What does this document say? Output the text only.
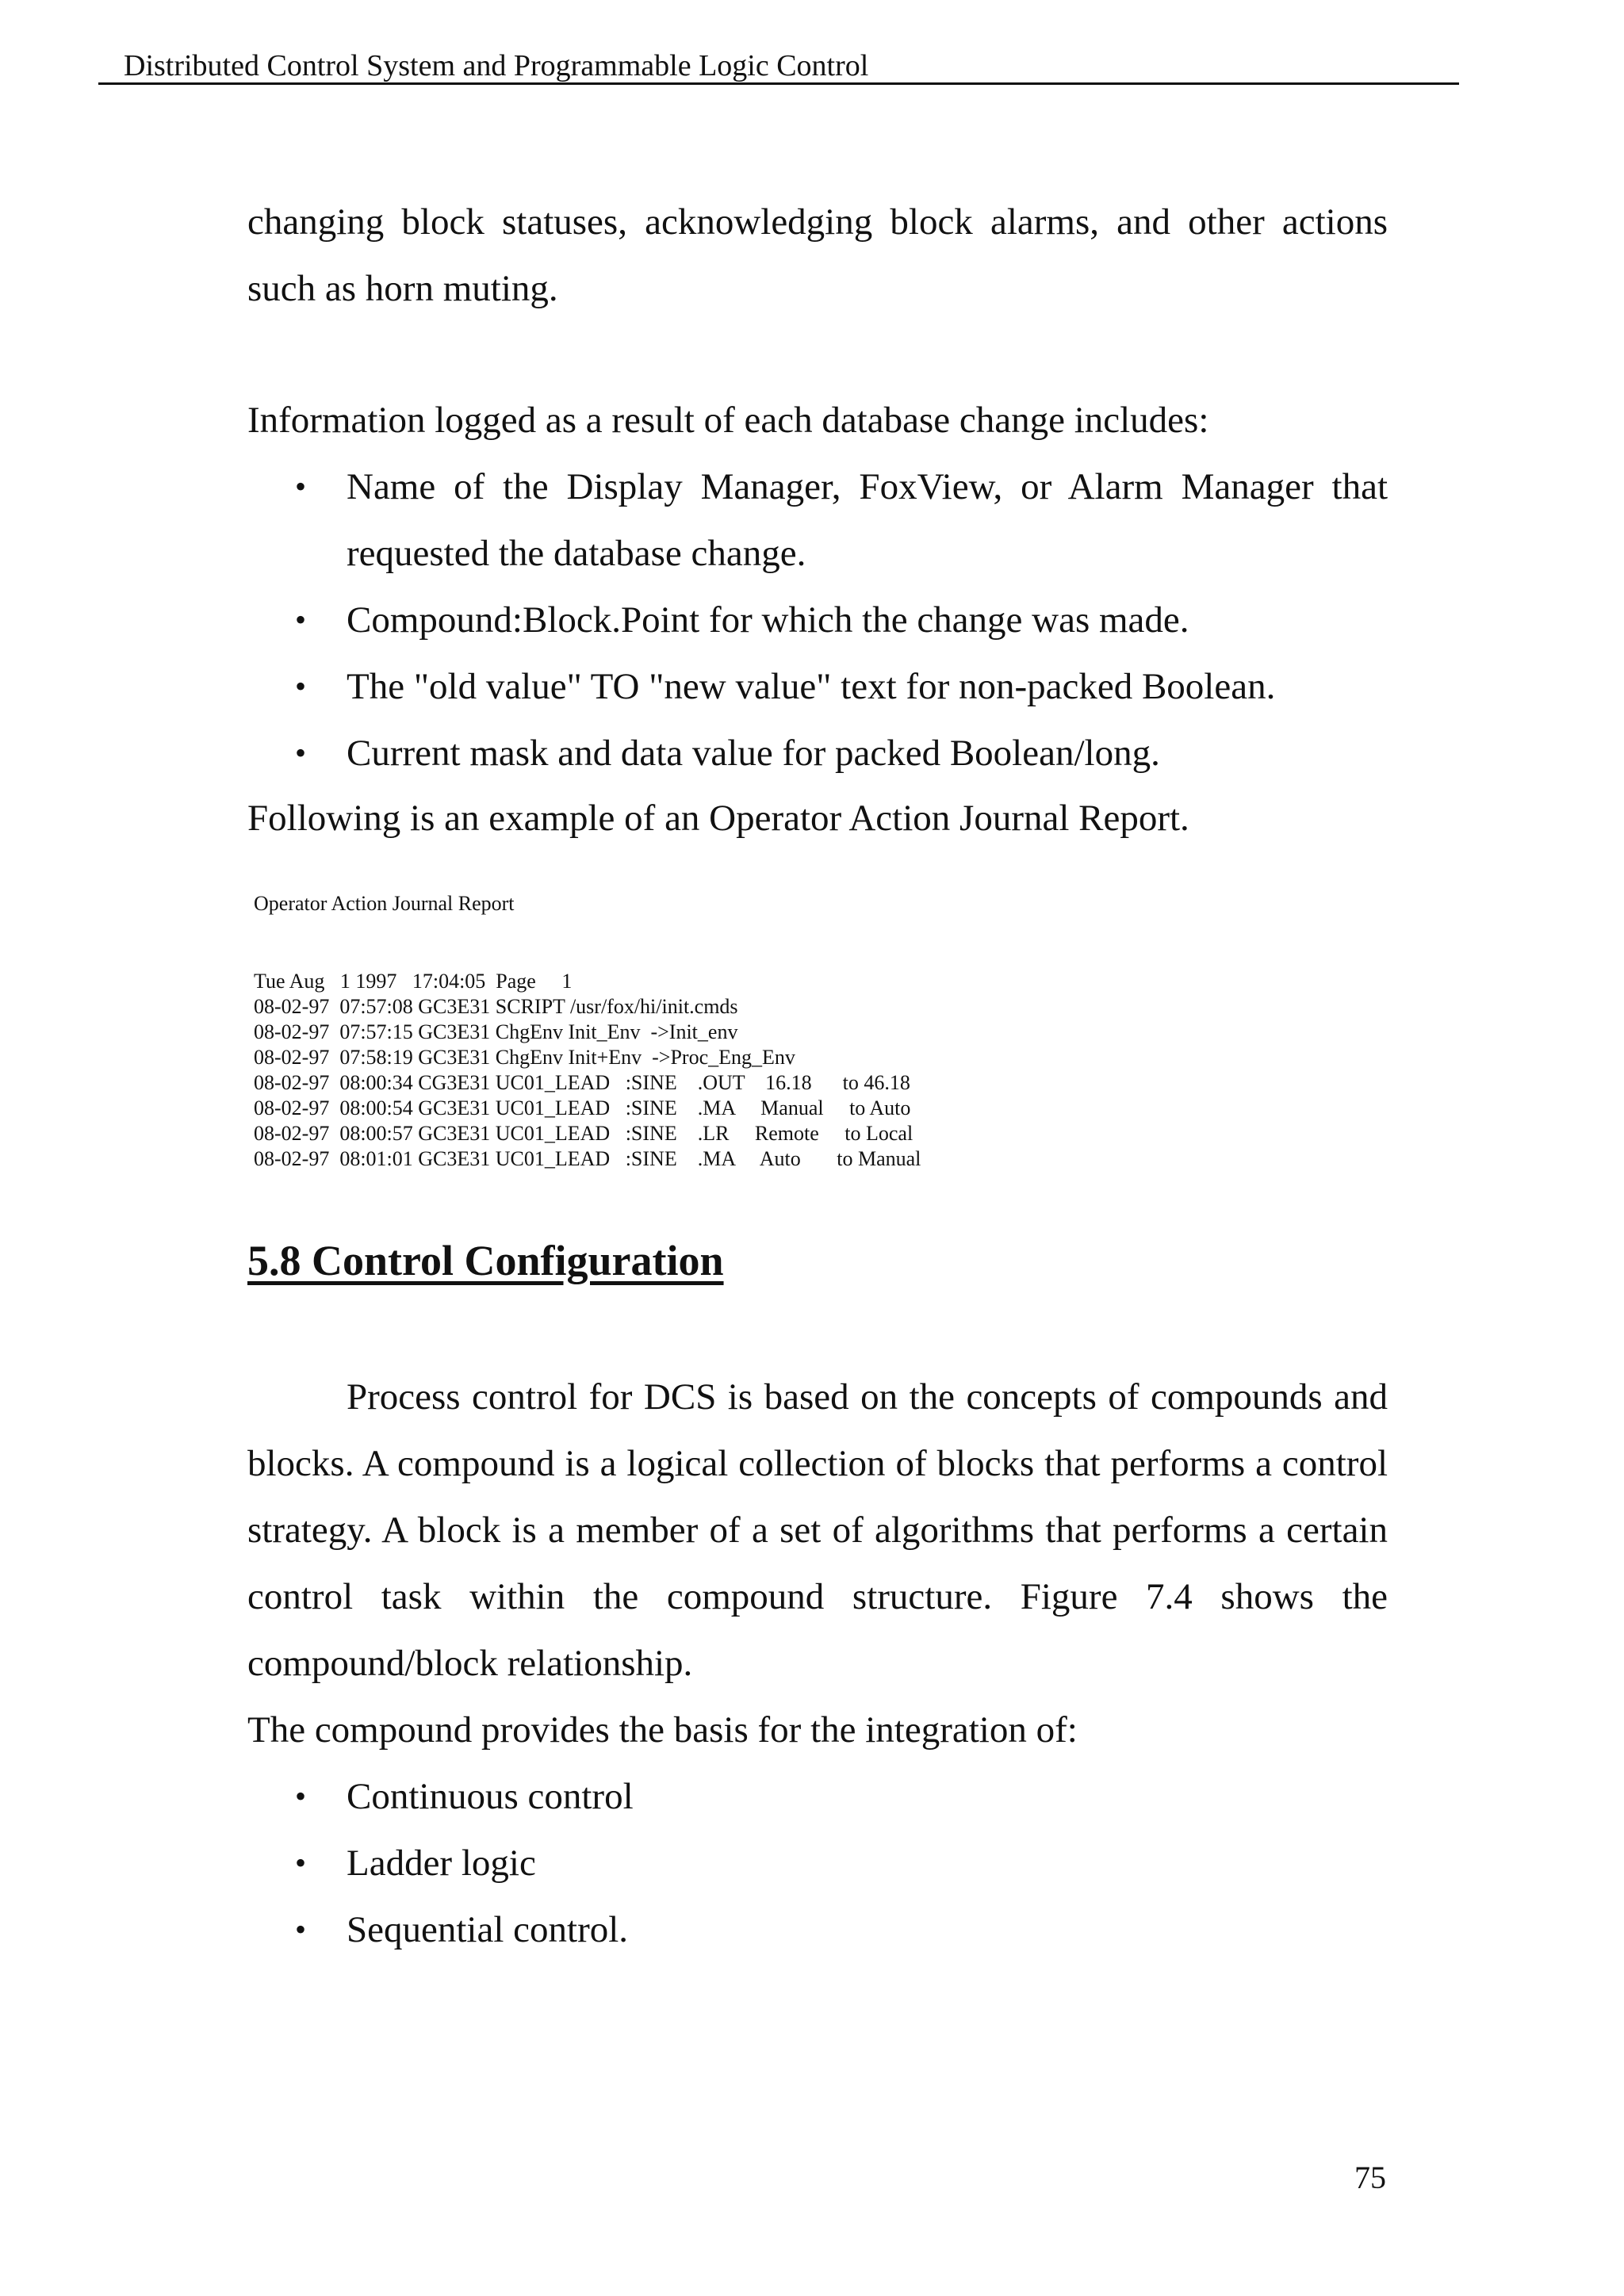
Distributed Control System and Programmable Logic Control

changing block statuses, acknowledging block alarms, and other actions such as horn muting.

Information logged as a result of each database change includes:

• Name of the Display Manager, FoxView, or Alarm Manager that requested the database change.
• Compound:Block.Point for which the change was made.
• The "old value" TO "new value" text for non-packed Boolean.
• Current mask and data value for packed Boolean/long.

Following is an example of an Operator Action Journal Report.

Operator Action Journal Report
Tue Aug   1 1997   17:04:05  Page     1
08-02-97  07:57:08 GC3E31 SCRIPT /usr/fox/hi/init.cmds
08-02-97  07:57:15 GC3E31 ChgEnv Init_Env  ->Init_env
08-02-97  07:58:19 GC3E31 ChgEnv Init+Env  ->Proc_Eng_Env
08-02-97  08:00:34 CG3E31 UC01_LEAD   :SINE    .OUT    16.18      to 46.18
08-02-97  08:00:54 GC3E31 UC01_LEAD   :SINE    .MA     Manual     to Auto
08-02-97  08:00:57 GC3E31 UC01_LEAD   :SINE    .LR     Remote     to Local
08-02-97  08:01:01 GC3E31 UC01_LEAD   :SINE    .MA     Auto       to Manual
5.8 Control Configuration

Process control for DCS is based on the concepts of compounds and blocks. A compound is a logical collection of blocks that performs a control strategy. A block is a member of a set of algorithms that performs a certain control task within the compound structure. Figure 7.4 shows the compound/block relationship.

The compound provides the basis for the integration of:

• Continuous control
• Ladder logic
• Sequential control.
75
